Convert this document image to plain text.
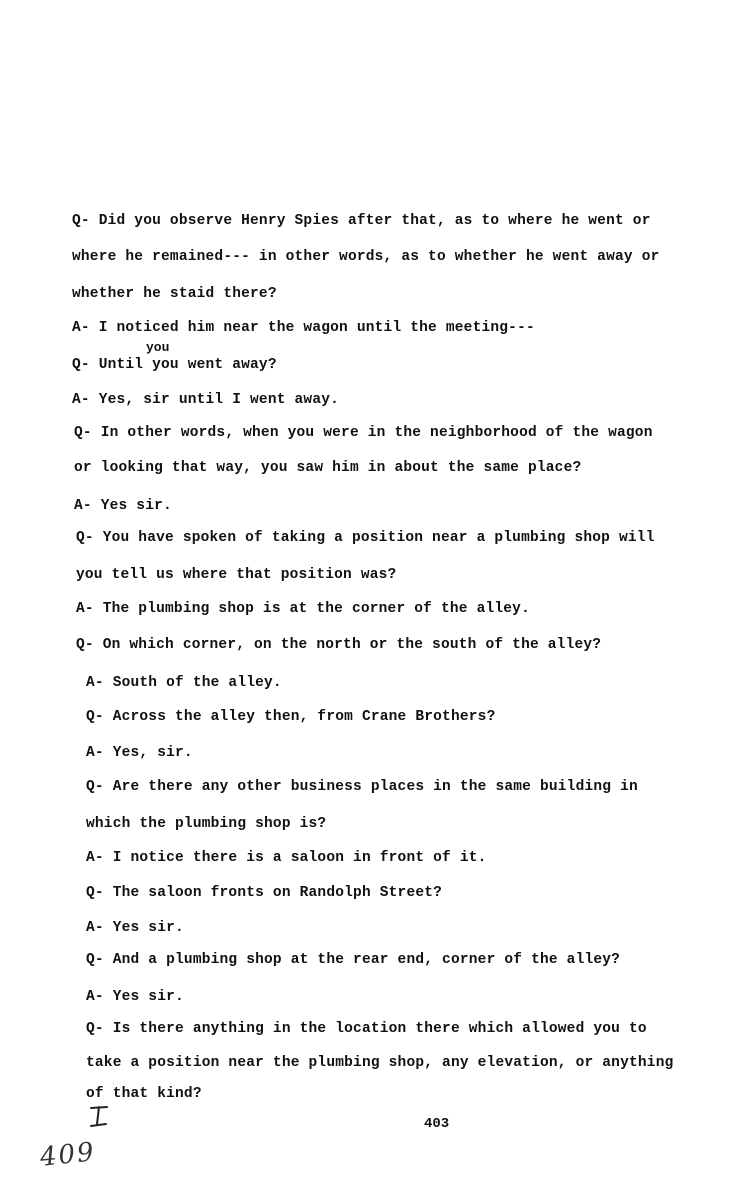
Q- Did you observe Henry Spies after that, as to where he went or
where he remained--- in other words, as to whether he went away or
whether he staid there?
A- I noticed him near the wagon until the meeting---
you
Q- Until you went away?
A- Yes, sir until I went away.
Q- In other words, when you were in the neighborhood of the wagon
or looking that way, you saw him in about the same place?
A- Yes sir.
Q- You have spoken of taking a position near a plumbing shop will
you tell us where that position was?
A- The plumbing shop is at the corner of the alley.
Q- On which corner, on the north or the south of the alley?
A- South of the alley.
Q- Across the alley then, from Crane Brothers?
A- Yes, sir.
Q- Are there any other business places in the same building in
which the plumbing shop is?
A- I notice there is a saloon in front of it.
Q- The saloon fronts on Randolph Street?
A- Yes sir.
Q- And a plumbing shop at the rear end, corner of the alley?
A- Yes sir.
Q- Is there anything in the location there which allowed you to
take a position near the plumbing shop, any elevation, or anything
of that kind?
403
409
